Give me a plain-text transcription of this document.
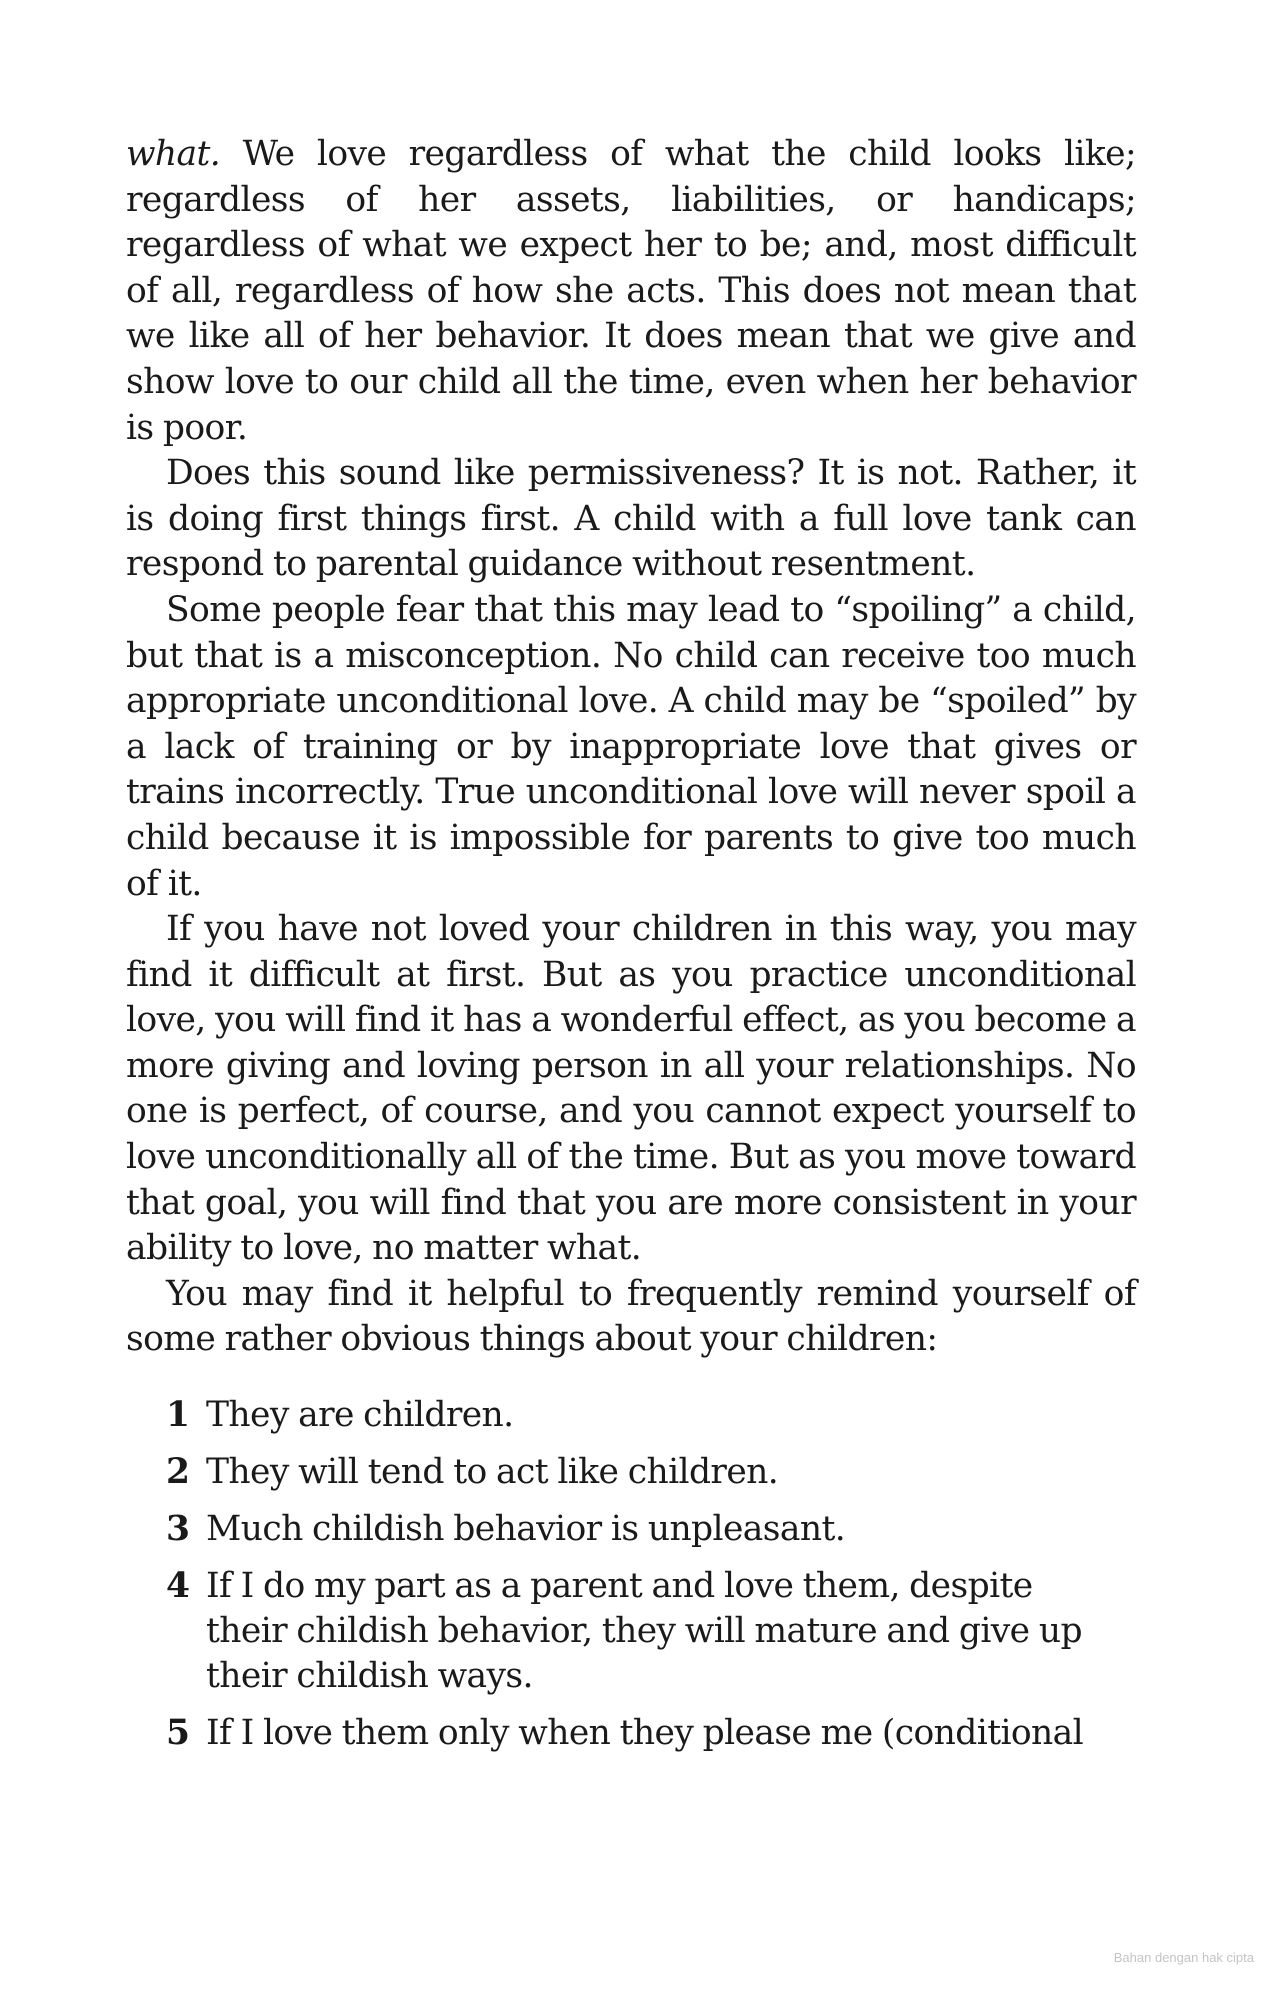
what. We love regardless of what the child looks like; regardless of her assets, liabilities, or handicaps; regardless of what we expect her to be; and, most difficult of all, regardless of how she acts. This does not mean that we like all of her behavior. It does mean that we give and show love to our child all the time, even when her behavior is poor.

Does this sound like permissiveness? It is not. Rather, it is doing first things first. A child with a full love tank can respond to parental guidance without resentment.

Some people fear that this may lead to “spoiling” a child, but that is a misconception. No child can receive too much appropriate unconditional love. A child may be “spoiled” by a lack of training or by inappropriate love that gives or trains incorrectly. True unconditional love will never spoil a child because it is impossible for parents to give too much of it.

If you have not loved your children in this way, you may find it difficult at first. But as you practice unconditional love, you will find it has a wonderful effect, as you become a more giving and loving person in all your relationships. No one is perfect, of course, and you cannot expect yourself to love unconditionally all of the time. But as you move toward that goal, you will find that you are more consistent in your ability to love, no matter what.

You may find it helpful to frequently remind yourself of some rather obvious things about your children:

1 They are children.
2 They will tend to act like children.
3 Much childish behavior is unpleasant.
4 If I do my part as a parent and love them, despite their childish behavior, they will mature and give up their childish ways.
5 If I love them only when they please me (conditional
Bahan dengan hak cipta
